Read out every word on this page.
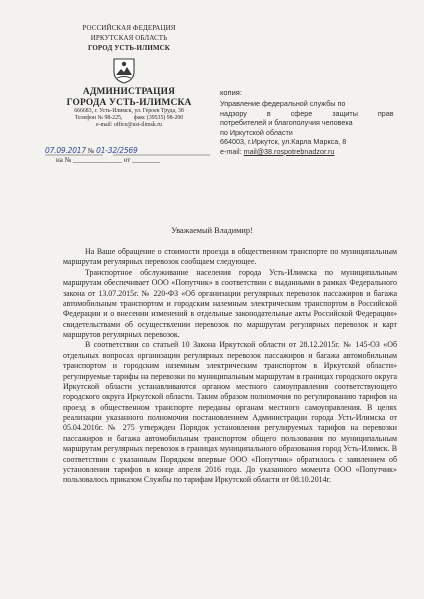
РОССИЙСКАЯ ФЕДЕРАЦИЯ
ИРКУТСКАЯ ОБЛАСТЬ
ГОРОД УСТЬ-ИЛИМСК
АДМИНИСТРАЦИЯ
ГОРОДА УСТЬ-ИЛИМСКА
666683, г. Усть-Илимск, ул. Героев Труда, 38
Телефон № 98-225,        факс (39535) 98-200
e-mail: office@ust-ilimsk.ru
07.09.2017 № 01-32/2569
на № ______________ от ________
копия:
Управление федеральной службы по
надзору в сфере защиты прав
потребителей и благополучия человека
по Иркутской области
664003, г.Иркутск, ул.Карла Маркса, 8
e-mail: mail@38.rospotrebnadzor.ru
Уважаемый Владимир!

На Ваше обращение о стоимости проезда в общественном транспорте по муниципальным маршрутам регулярных перевозок сообщаем следующее.

Транспортное обслуживание населения города Усть-Илимска по муниципальным маршрутам обеспечивает ООО «Попутчик» в соответствии с выданными в рамках Федерального закона от 13.07.2015г. № 220-ФЗ «Об организации регулярных перевозок пассажиров и багажа автомобильным транспортом и городским наземным электрическим транспортом в Российской Федерации и о внесении изменений в отдельные законодательные акты Российской Федерации» свидетельствами об осуществлении перевозок по маршрутам регулярных перевозок и карт маршрутов регулярных перевозок.

В соответствии со статьей 10 Закона Иркутской области от 28.12.2015г. № 145-ОЗ «Об отдельных вопросах организации регулярных перевозок пассажиров и багажа автомобильным транспортом и городским наземным электрическим транспортом в Иркутской области» регулируемые тарифы на перевозки по муниципальным маршрутам в границах городского округа Иркутской области устанавливаются органом местного самоуправления соответствующего городского округа Иркутской области. Таким образом полномочия по регулированию тарифов на проезд в общественном транспорте переданы органам местного самоуправления. В целях реализации указанного полномочия постановлением Администрации города Усть-Илимска от 05.04.2016г. № 275 утвержден Порядок установления регулируемых тарифов на перевозки пассажиров и багажа автомобильным транспортом общего пользования по муниципальным маршрутам регулярных перевозок в границах муниципального образования город Усть-Илимск. В соответствии с указанным Порядком впервые ООО «Попутчик» обратилось с заявлением об установлении тарифов в конце апреля 2016 года. До указанного момента ООО «Попутчик» пользовалось приказом Службы по тарифам Иркутской области от 08.10.2014г.
